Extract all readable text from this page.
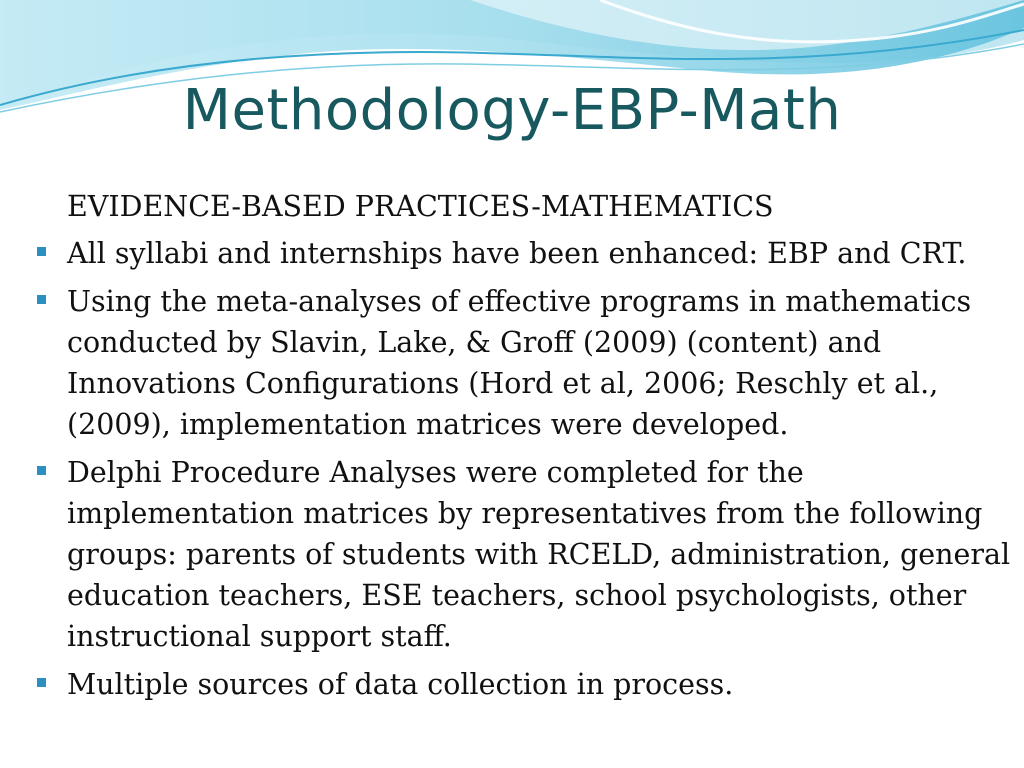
Methodology-EBP-Math
EVIDENCE-BASED PRACTICES-MATHEMATICS
All syllabi and internships have been enhanced: EBP and CRT.
Using the meta-analyses of effective programs in mathematics conducted by Slavin, Lake, & Groff (2009) (content) and Innovations Configurations (Hord et al, 2006; Reschly et al., (2009), implementation matrices were developed.
Delphi Procedure Analyses were completed for the implementation matrices by representatives from the following groups: parents of students with RCELD, administration, general education teachers, ESE teachers, school psychologists, other instructional support staff.
Multiple sources of data collection in process.
